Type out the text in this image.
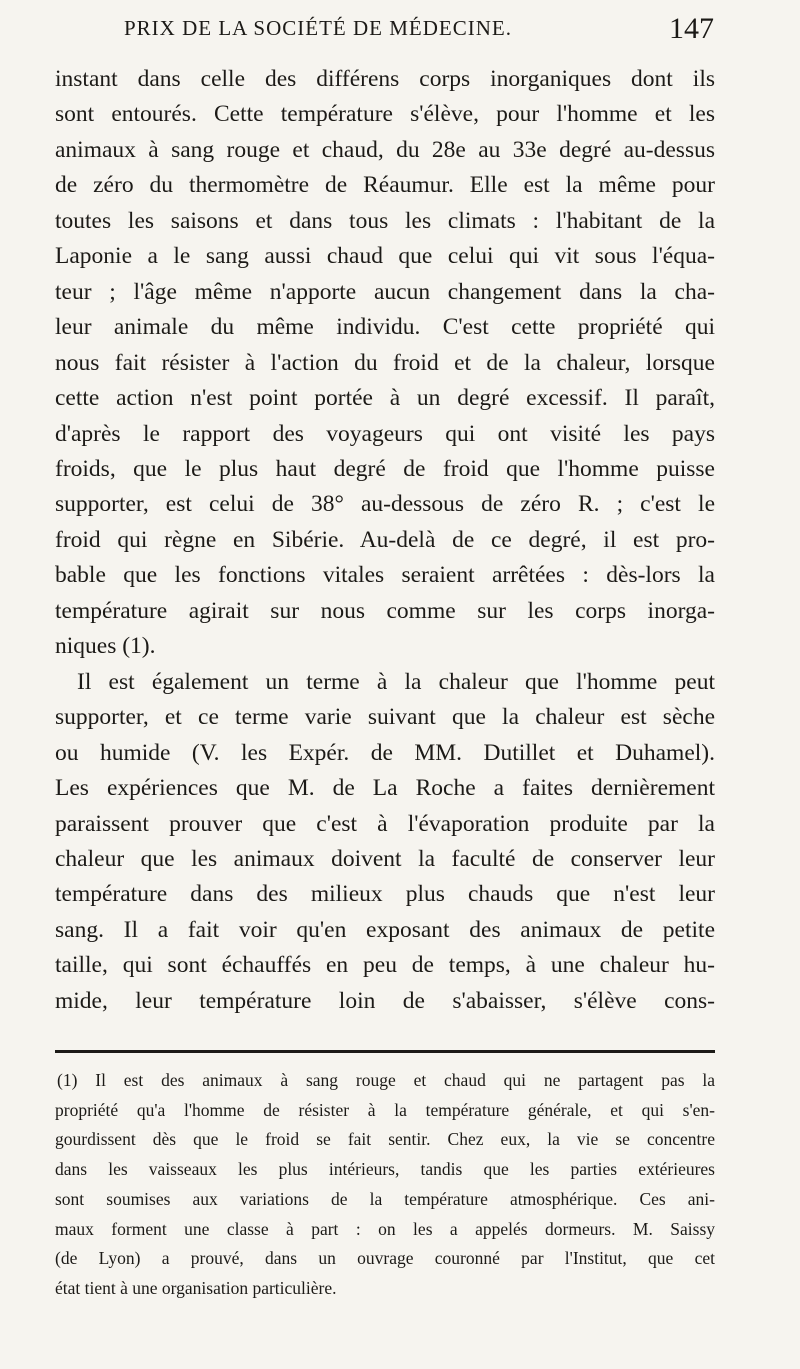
PRIX DE LA SOCIÉTÉ DE MÉDECINE.	147
instant dans celle des différens corps inorganiques dont ils
sont entourés. Cette température s'élève, pour l'homme et les
animaux à sang rouge et chaud, du 28e au 33e degré au-dessus
de zéro du thermomètre de Réaumur. Elle est la même pour
toutes les saisons et dans tous les climats : l'habitant de la
Laponie a le sang aussi chaud que celui qui vit sous l'équa-
teur ; l'âge même n'apporte aucun changement dans la cha-
leur animale du même individu. C'est cette propriété qui
nous fait résister à l'action du froid et de la chaleur, lorsque
cette action n'est point portée à un degré excessif. Il paraît,
d'après le rapport des voyageurs qui ont visité les pays
froids, que le plus haut degré de froid que l'homme puisse
supporter, est celui de 38° au-dessous de zéro R. ; c'est le
froid qui règne en Sibérie. Au-delà de ce degré, il est pro-
bable que les fonctions vitales seraient arrêtées : dès-lors la
température agirait sur nous comme sur les corps inorga-
niques (1).
Il est également un terme à la chaleur que l'homme peut
supporter, et ce terme varie suivant que la chaleur est sèche
ou humide (V. les Expér. de MM. Dutillet et Duhamel).
Les expériences que M. de La Roche a faites dernièrement
paraissent prouver que c'est à l'évaporation produite par la
chaleur que les animaux doivent la faculté de conserver leur
température dans des milieux plus chauds que n'est leur
sang. Il a fait voir qu'en exposant des animaux de petite
taille, qui sont échauffés en peu de temps, à une chaleur hu-
mide, leur température loin de s'abaisser, s'élève cons-
(1) Il est des animaux à sang rouge et chaud qui ne partagent pas la
propriété qu'a l'homme de résister à la température générale, et qui s'en-
gourdissent dès que le froid se fait sentir. Chez eux, la vie se concentre
dans les vaisseaux les plus intérieurs, tandis que les parties extérieures
sont soumises aux variations de la température atmosphérique. Ces ani-
maux forment une classe à part : on les a appelés dormeurs. M. Saissy
(de Lyon) a prouvé, dans un ouvrage couronné par l'Institut, que cet
état tient à une organisation particulière.
